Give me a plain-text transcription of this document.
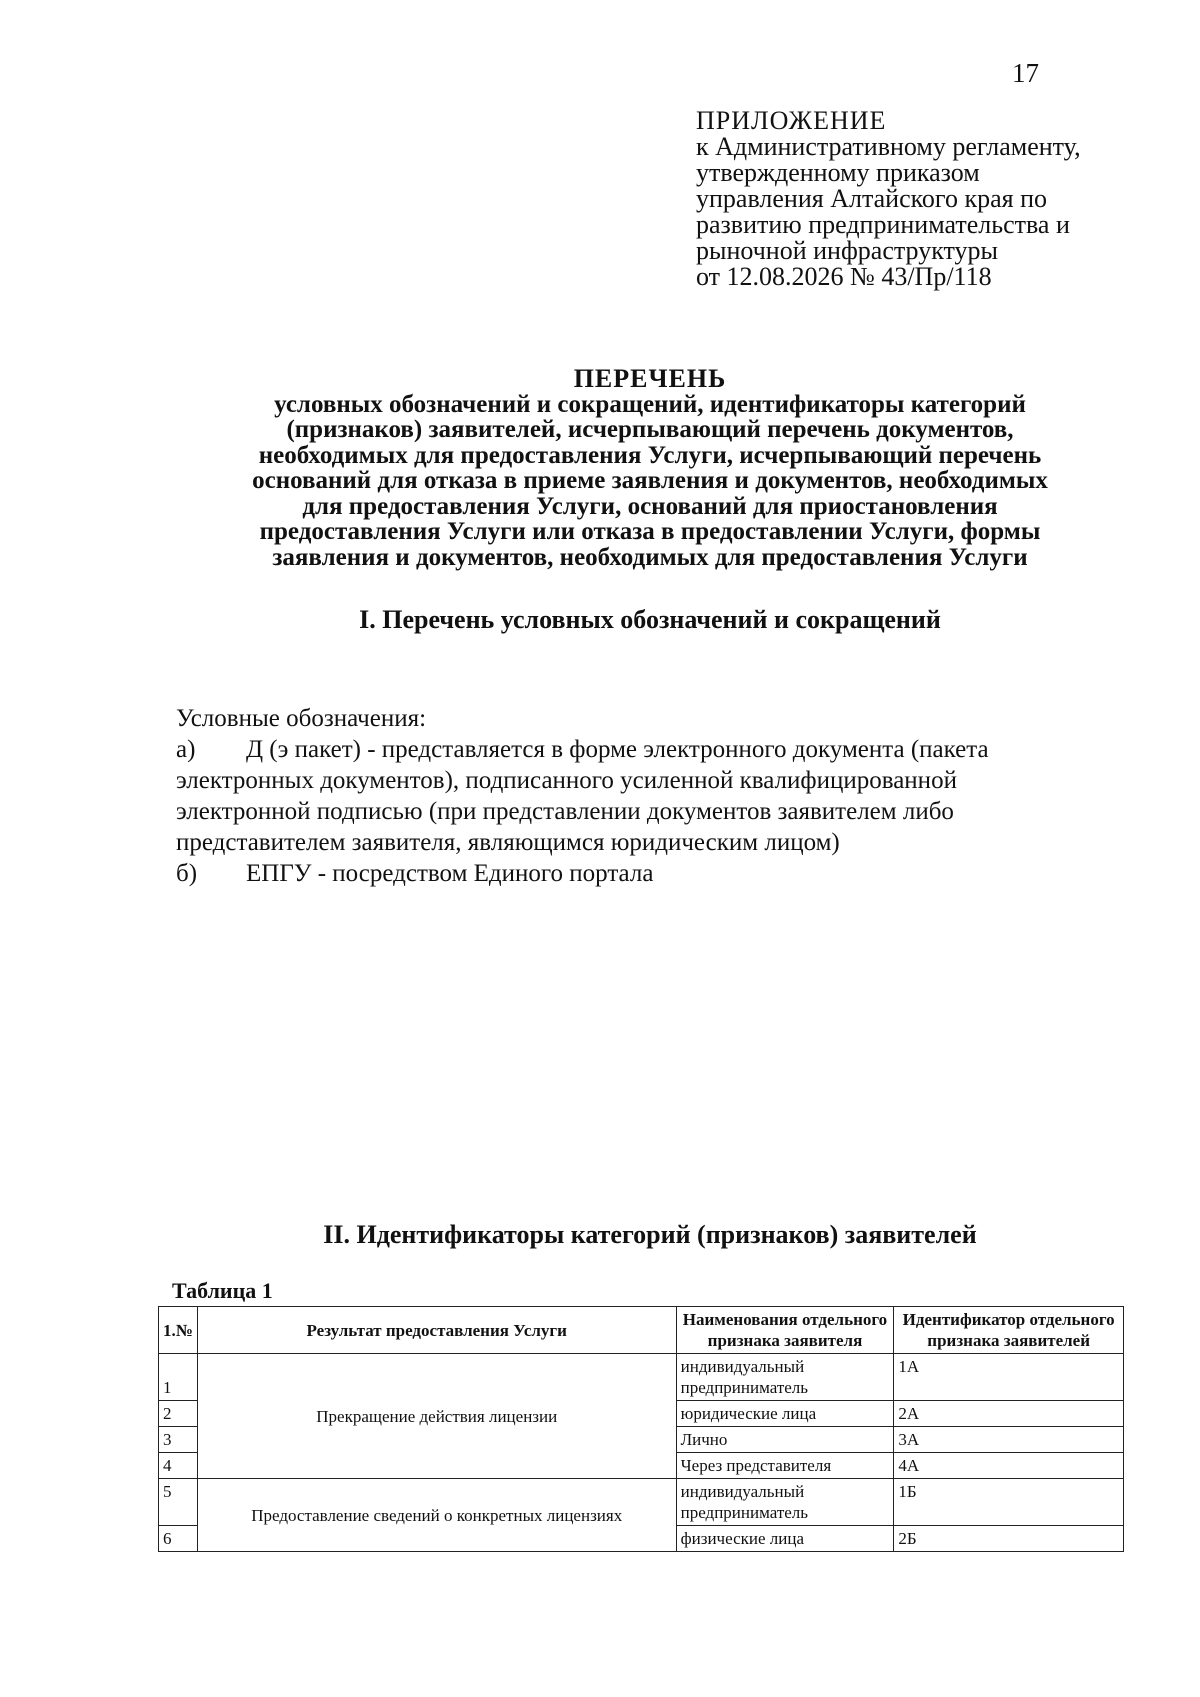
17
ПРИЛОЖЕНИЕ
к Административному регламенту,
утвержденному приказом
управления Алтайского края по
развитию предпринимательства и
рыночной инфраструктуры
от 12.08.2026 № 43/Пр/118
ПЕРЕЧЕНЬ
условных обозначений и сокращений, идентификаторы категорий
(признаков) заявителей, исчерпывающий перечень документов,
необходимых для предоставления Услуги, исчерпывающий перечень
оснований для отказа в приеме заявления и документов, необходимых
для предоставления Услуги, оснований для приостановления
предоставления Услуги или отказа в предоставлении Услуги, формы
заявления и документов, необходимых для предоставления Услуги
I. Перечень условных обозначений и сокращений
Условные обозначения:
а)	Д (э пакет) - представляется в форме электронного документа (пакета
электронных документов), подписанного усиленной квалифицированной
электронной подписью (при представлении документов заявителем либо
представителем заявителя, являющимся юридическим лицом)
б)	ЕПГУ - посредством Единого портала
II. Идентификаторы категорий (признаков) заявителей
Таблица 1
1.№	Результат предоставления Услуги	Наименования отдельного признака заявителя	Идентификатор отдельного признака заявителей
1	Прекращение действия лицензии	индивидуальный предприниматель	1А
2		юридические лица	2А
3		Лично	3А
4		Через представителя	4А
5	Предоставление сведений о конкретных лицензиях	индивидуальный предприниматель	1Б
6		физические лица	2Б
